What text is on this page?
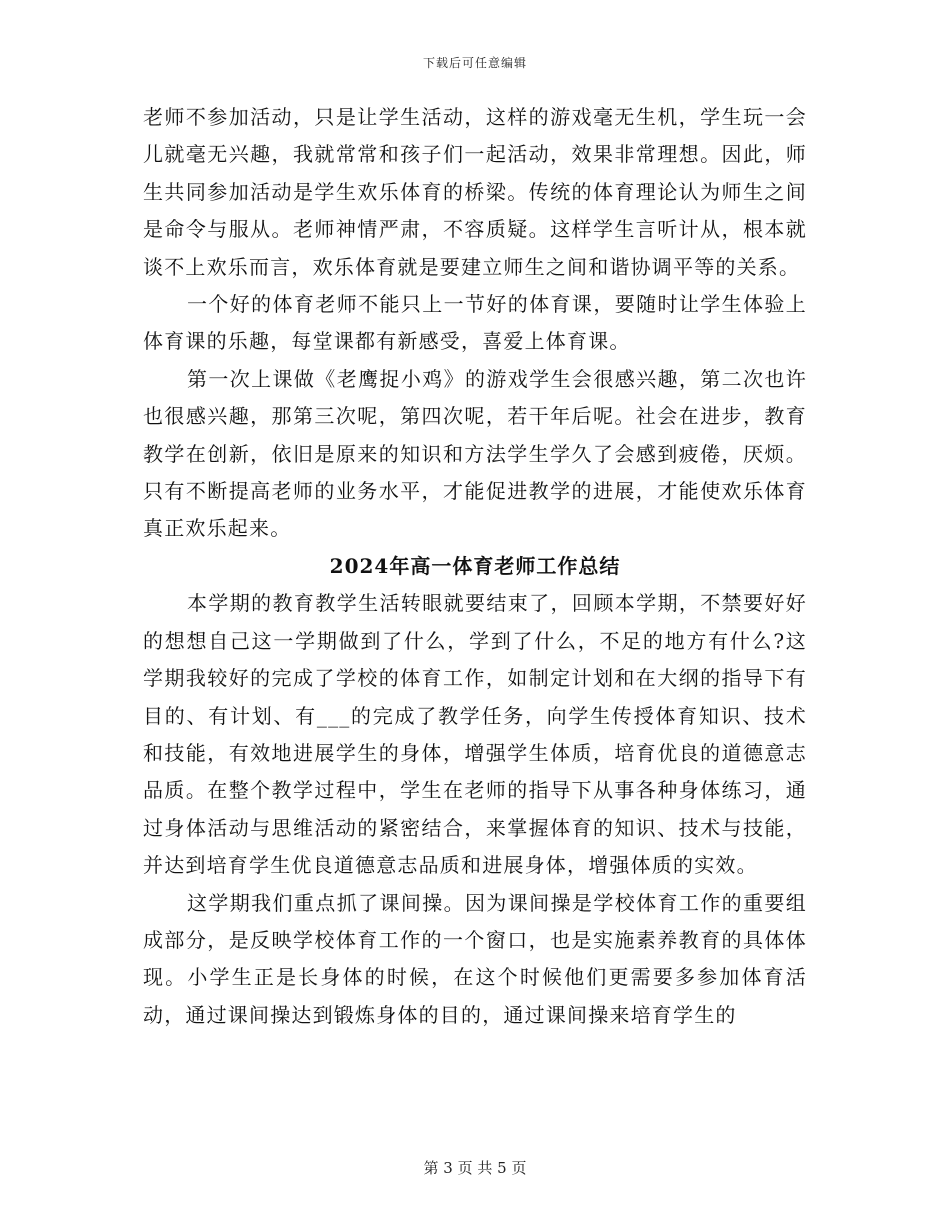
下载后可任意编辑

老师不参加活动，只是让学生活动，这样的游戏毫无生机，学生玩一会儿就毫无兴趣，我就常常和孩子们一起活动，效果非常理想。因此，师生共同参加活动是学生欢乐体育的桥梁。传统的体育理论认为师生之间是命令与服从。老师神情严肃，不容质疑。这样学生言听计从，根本就谈不上欢乐而言，欢乐体育就是要建立师生之间和谐协调平等的关系。

一个好的体育老师不能只上一节好的体育课，要随时让学生体验上体育课的乐趣，每堂课都有新感受，喜爱上体育课。

第一次上课做《老鹰捉小鸡》的游戏学生会很感兴趣，第二次也许也很感兴趣，那第三次呢，第四次呢，若干年后呢。社会在进步，教育教学在创新，依旧是原来的知识和方法学生学久了会感到疲倦，厌烦。只有不断提高老师的业务水平，才能促进教学的进展，才能使欢乐体育真正欢乐起来。

2024年高一体育老师工作总结

本学期的教育教学生活转眼就要结束了，回顾本学期，不禁要好好的想想自己这一学期做到了什么，学到了什么，不足的地方有什么?这学期我较好的完成了学校的体育工作，如制定计划和在大纲的指导下有目的、有计划、有___的完成了教学任务，向学生传授体育知识、技术和技能，有效地进展学生的身体，增强学生体质，培育优良的道德意志品质。在整个教学过程中，学生在老师的指导下从事各种身体练习，通过身体活动与思维活动的紧密结合，来掌握体育的知识、技术与技能，并达到培育学生优良道德意志品质和进展身体，增强体质的实效。

这学期我们重点抓了课间操。因为课间操是学校体育工作的重要组成部分，是反映学校体育工作的一个窗口，也是实施素养教育的具体体现。小学生正是长身体的时候，在这个时候他们更需要多参加体育活动，通过课间操达到锻炼身体的目的，通过课间操来培育学生的

第 3 页 共 5 页
